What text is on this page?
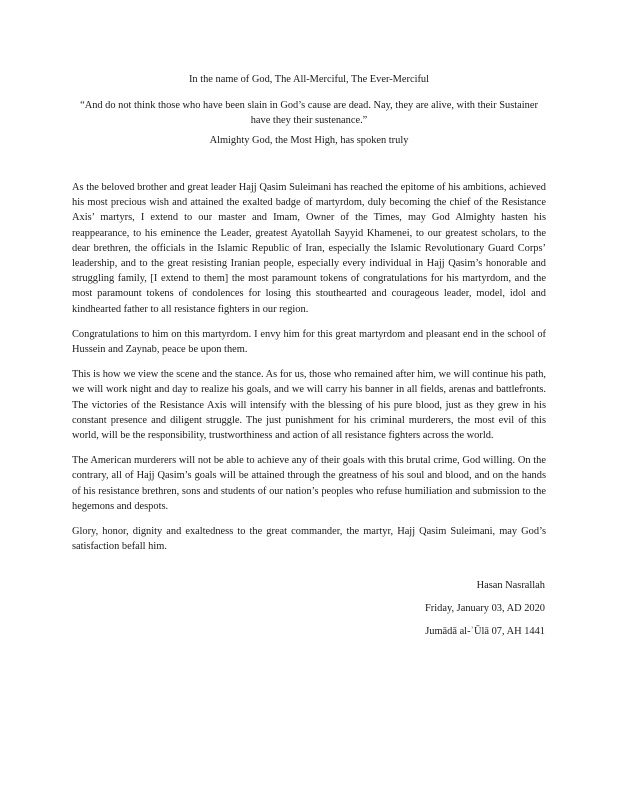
In the name of God, The All-Merciful, The Ever-Merciful
“And do not think those who have been slain in God’s cause are dead. Nay, they are alive, with their Sustainer have they their sustenance.”
Almighty God, the Most High, has spoken truly

As the beloved brother and great leader Hajj Qasim Suleimani has reached the epitome of his ambitions, achieved his most precious wish and attained the exalted badge of martyrdom, duly becoming the chief of the Resistance Axis’ martyrs, I extend to our master and Imam, Owner of the Times, may God Almighty hasten his reappearance, to his eminence the Leader, greatest Ayatollah Sayyid Khamenei, to our greatest scholars, to the dear brethren, the officials in the Islamic Republic of Iran, especially the Islamic Revolutionary Guard Corps’ leadership, and to the great resisting Iranian people, especially every individual in Hajj Qasim’s honorable and struggling family, [I extend to them] the most paramount tokens of congratulations for his martyrdom, and the most paramount tokens of condolences for losing this stouthearted and courageous leader, model, idol and kindhearted father to all resistance fighters in our region.

Congratulations to him on this martyrdom. I envy him for this great martyrdom and pleasant end in the school of Hussein and Zaynab, peace be upon them.

This is how we view the scene and the stance. As for us, those who remained after him, we will continue his path, we will work night and day to realize his goals, and we will carry his banner in all fields, arenas and battlefronts. The victories of the Resistance Axis will intensify with the blessing of his pure blood, just as they grew in his constant presence and diligent struggle. The just punishment for his criminal murderers, the most evil of this world, will be the responsibility, trustworthiness and action of all resistance fighters across the world.

The American murderers will not be able to achieve any of their goals with this brutal crime, God willing. On the contrary, all of Hajj Qasim’s goals will be attained through the greatness of his soul and blood, and on the hands of his resistance brethren, sons and students of our nation’s peoples who refuse humiliation and submission to the hegemons and despots.

Glory, honor, dignity and exaltedness to the great commander, the martyr, Hajj Qasim Suleimani, may God’s satisfaction befall him.

Hasan Nasrallah
Friday, January 03, AD 2020
Jumādā al-ʾŪlā 07, AH 1441
